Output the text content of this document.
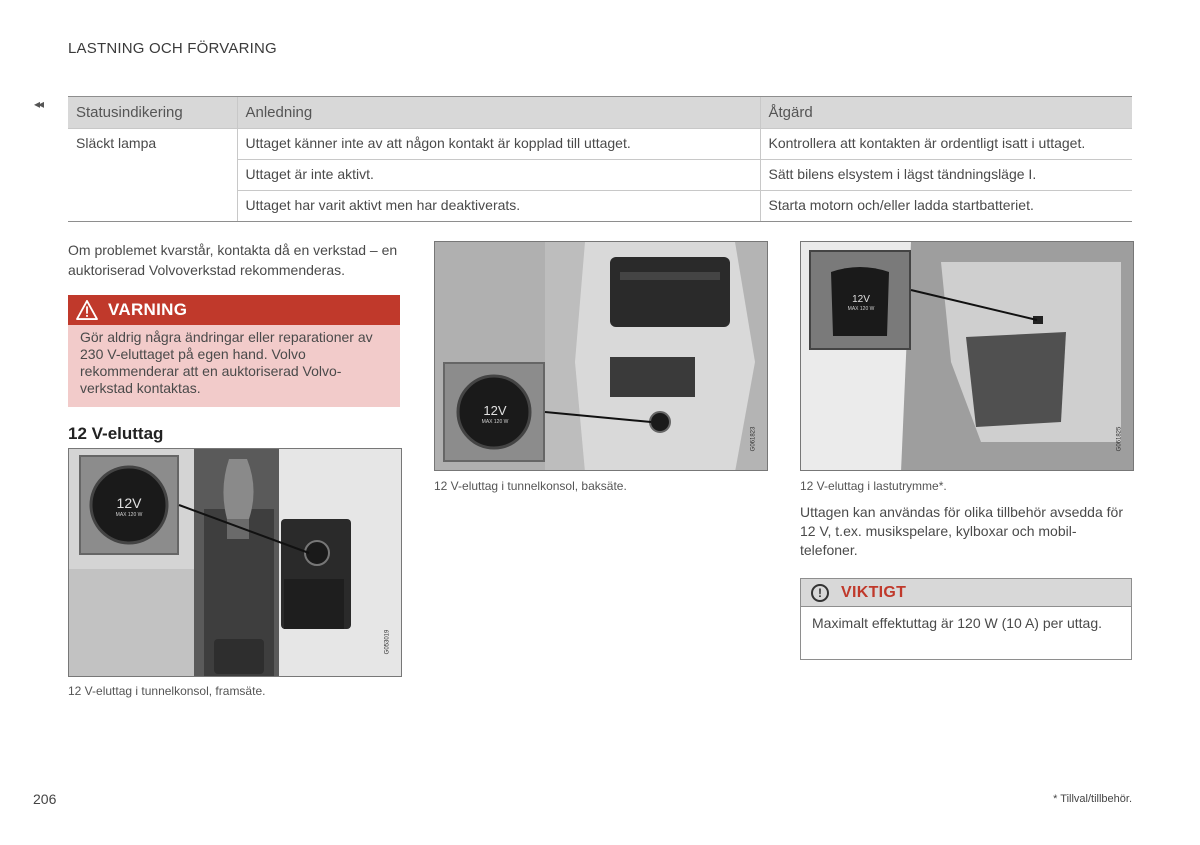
LASTNING OCH FÖRVARING
◂◂ Statusindikering	Anledning	Åtgärd
Släckt lampa	Uttaget känner inte av att någon kontakt är kopplad till uttaget.	Kontrollera att kontakten är ordentligt isatt i uttaget.
	Uttaget är inte aktivt.	Sätt bilens elsystem i lägst tändningsläge I.
	Uttaget har varit aktivt men har deaktiverats.	Starta motorn och/eller ladda startbatteriet.

Om problemet kvarstår, kontakta då en verkstad – en auktoriserad Volvoverkstad rekommenderas.

VARNING
Gör aldrig några ändringar eller reparationer av 230 V-eluttaget på egen hand. Volvo rekommenderar att en auktoriserad Volvo-verkstad kontaktas.
12 V-eluttag
12V
MAX 120 W
G053019
12 V-eluttag i tunnelkonsol, framsäte.
12V
MAX 120 W
G061823
12 V-eluttag i tunnelkonsol, baksäte.
12V
MAX 120 W
G061825
12 V-eluttag i lastutrymme*.

Uttagen kan användas för olika tillbehör avsedda för 12 V, t.ex. musikspelare, kylboxar och mobil-telefoner.

!	VIKTIGT
Maximalt effektuttag är 120 W (10 A) per uttag.
206	* Tillval/tillbehör.
